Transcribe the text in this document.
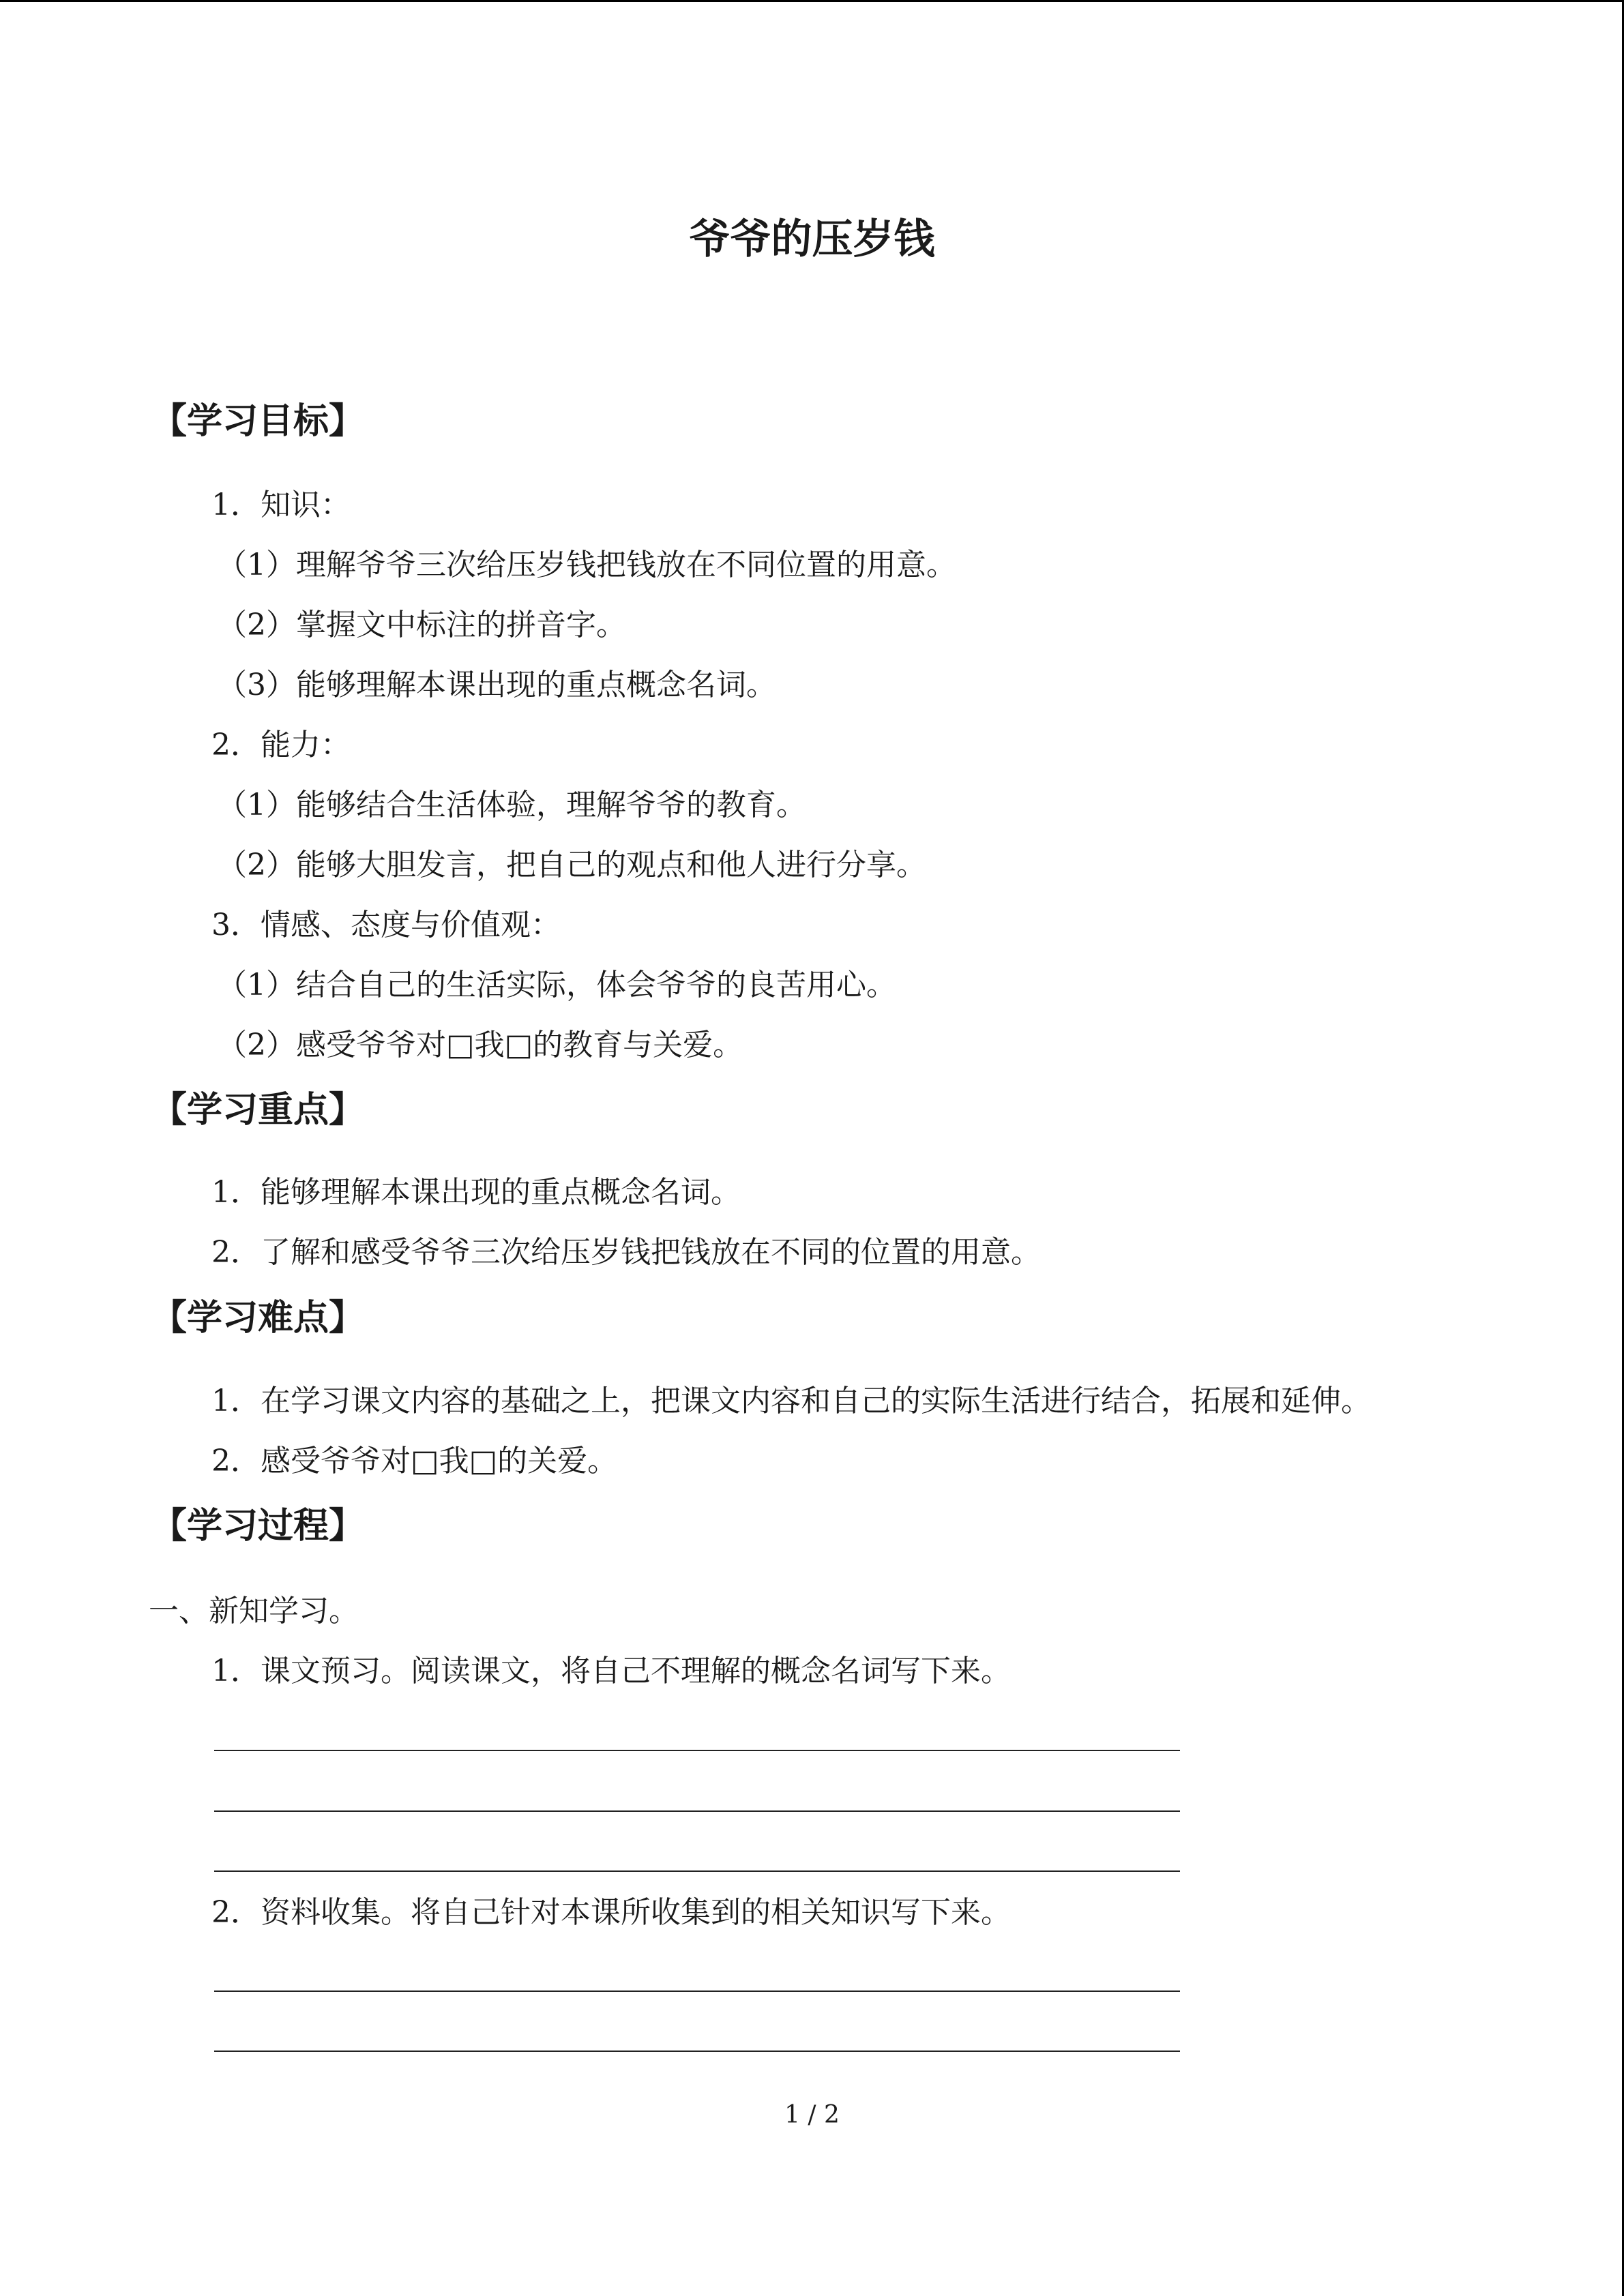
爷爷的压岁钱
【学习目标】
1．知识：
（1）理解爷爷三次给压岁钱把钱放在不同位置的用意。
（2）掌握文中标注的拼音字。
（3）能够理解本课出现的重点概念名词。
2．能力：
（1）能够结合生活体验，理解爷爷的教育。
（2）能够大胆发言，把自己的观点和他人进行分享。
3．情感、态度与价值观：
（1）结合自己的生活实际，体会爷爷的良苦用心。
（2）感受爷爷对□我□的教育与关爱。
【学习重点】
1．能够理解本课出现的重点概念名词。
2．了解和感受爷爷三次给压岁钱把钱放在不同的位置的用意。
【学习难点】
1．在学习课文内容的基础之上，把课文内容和自己的实际生活进行结合，拓展和延伸。
2．感受爷爷对□我□的关爱。
【学习过程】
一、新知学习。
1．课文预习。阅读课文，将自己不理解的概念名词写下来。
2．资料收集。将自己针对本课所收集到的相关知识写下来。
1 / 2
